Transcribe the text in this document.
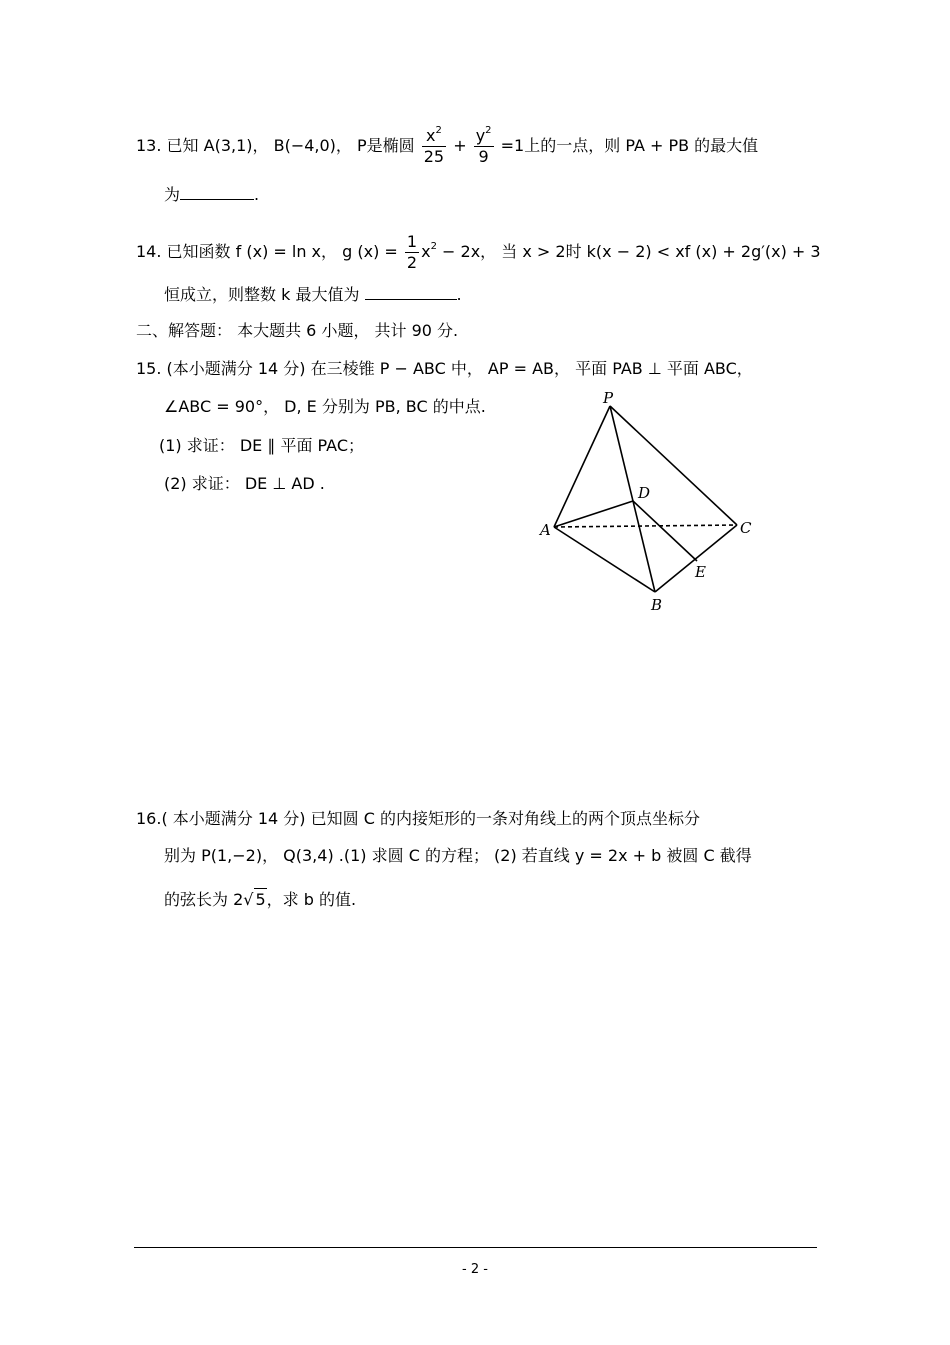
13. 已知 A(3,1)， B(−4,0)， P是椭圆 $\frac{x^2}{25} + \frac{y^2}{9} =1$上的一点，则 PA + PB 的最大值
为	.
14. 已知函数 f (x) = ln x， g $(x) = \frac{1}{2} x^2 - 2x$， 当 x > 2时 k(x − 2) < xf (x) + 2g′(x) + 3
恒成立，则整数 k 最大值为	.
二、解答题： 本大题共 6 小题， 共计 90 分.
15. (本小题满分 14 分) 在三棱锥 P − ABC 中， AP = AB， 平面 PAB ⊥ 平面 ABC，
∠ABC = 90°， D, E 分别为 PB, BC 的中点.
(1) 求证： DE ∥ 平面 PAC；
(2) 求证： DE ⊥ AD .
P
A
B
C
D
E
16.( 本小题满分 14 分) 已知圆 C 的内接矩形的一条对角线上的两个顶点坐标分
别为 P(1,−2)， Q(3,4) .(1) 求圆 C 的方程； (2) 若直线 y = 2x + b 被圆 C 截得
的弦长为 2√ 5，求 b 的值.
- 2 -
